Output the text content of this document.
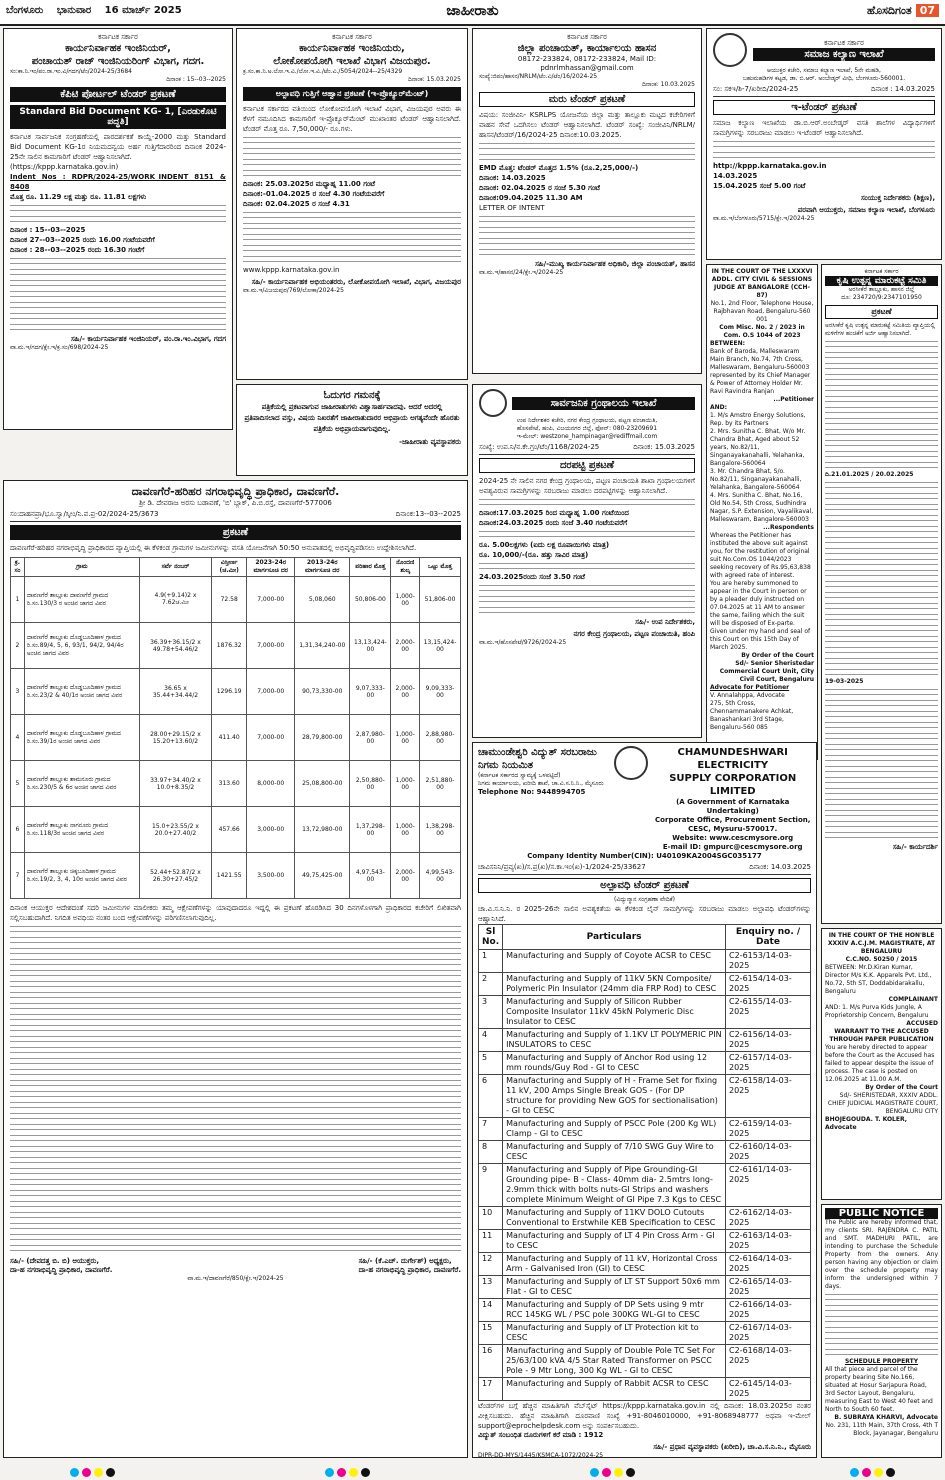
ಬೆಂಗಳೂರು ಭಾನುವಾರ 16 ಮಾರ್ಚ್ 2025	ಜಾಹೀರಾತು	ಹೊಸದಿಗಂತ 07
ಕರ್ನಾಟಕ ಸರ್ಕಾರ
ಕಾರ್ಯನಿರ್ವಾಹಕ ಇಂಜಿನಿಯರ್,
ಪಂಚಾಯತ್ ರಾಜ್ ಇಂಜಿನಿಯರಿಂಗ್ ವಿಭಾಗ, ಗದಗ.
ಸಂ:ಕಾ.ನಿ.ಇಂ/ಪಂ.ರಾ.ಇಂ.ವಿ/ಗದಗ/ಟೆಂ/2024-25/3684
ದಿನಾಂಕ : 15--03--2025
ಕೆಪಿಟಿ ಪೋರ್ಟಲ್ ಟೆಂಡರ್ ಪ್ರಕಟಣೆ
Standard Bid Document KG- 1, [ಎರಡುಕೊಟಿ ಪದ್ಧತಿ]
ಕರ್ನಾಟಕ ಸಾರ್ವಜನಿಕ ಸಂಗ್ರಹಣೆಯಲ್ಲಿ ಪಾರದರ್ಶಕತೆ ಕಾಯ್ದೆ-2000 ಮತ್ತು Standard Bid Document KG-1ರ ನಿಯಮದನ್ವಯ ಅರ್ಹ ಗುತ್ತಿಗೆದಾರರಿಂದ ದಿನಾಂಕ 2024-25ನೇ ಸಾಲಿನ ಕಾಮಗಾರಿಗೆ ಟೆಂಡರ್ ಆಹ್ವಾನಿಸಲಾಗಿದೆ.
(https://kppp.karnataka.gov.in)
Indent Nos : RDPR/2024-25/WORK_INDENT 8151 & 8408
ಮೊತ್ತ ರೂ. 11.29 ಲಕ್ಷ ಮತ್ತು ರೂ. 11.81 ಲಕ್ಷಗಳು
ದಿನಾಂಕ : 15--03--2025
ದಿನಾಂಕ 27--03--2025 ರಂದು 16.00 ಗಂಟೆಯವರೆಗೆ
ದಿನಾಂಕ : 28--03--2025 ರಂದು 16.30 ಗಂಟೆಗೆ
ಸಹಿ/- ಕಾರ್ಯನಿರ್ವಾಹಕ ಇಂಜಿನಿಯರ್, ಪಂ.ರಾ.ಇಂ.ವಿಭಾಗ, ಗದಗ
ವಾ.ಮ.ಇ/ಗದಗ/ಕ್ಲೇ.ಇ/ಕ್ರ.ಸಂ/698/2024-25
ಕರ್ನಾಟಕ ಸರ್ಕಾರ
ಕಾರ್ಯನಿರ್ವಾಹಕ ಇಂಜಿನಿಯರು,
ಲೋಕೋಪಯೋಗಿ ಇಲಾಖೆ ವಿಭಾಗ ವಿಜಯಪುರ.
ಕ್ರ.ಸಂ.ಕಾ.ನಿ.ಅ.ಲೋ.ಇ.ವಿ./ಲೋ.ಇ.ವಿ./ಟೆಂ.ವಿ./5054/2024--25/4329
ದಿನಾಂಕ: 15.03.2025
ಅಲ್ಪಾವಧಿ ಗುತ್ತಿಗೆ ಆಹ್ವಾನ ಪ್ರಕಟಣೆ (ಇ-ಪ್ರೊಕ್ಯೂರ್‌ಮೆಂಟ್)
ಕರ್ನಾಟಕ ಸರ್ಕಾರದ ವತಿಯಿಂದ ಲೋಕೋಪಯೋಗಿ ಇಲಾಖೆ ವಿಭಾಗ, ವಿಜಯಪುರ ಅವರು ಈ ಕೆಳಗೆ ನಮೂದಿಸಿದ ಕಾಮಗಾರಿಗೆ ಇ-ಪ್ರೊಕ್ಯೂರ್‌ಮೆಂಟ್ ಮುಖಾಂತರ ಟೆಂಡರ್ ಆಹ್ವಾನಿಸಲಾಗಿದೆ. ಟೆಂಡರ್ ಮೊತ್ತ ರೂ. 7,50,000/- ರೂ.ಗಳು.
ದಿನಾಂಕ: 25.03.2025ರ ಮಧ್ಯಾಹ್ನ 11.00 ಗಂಟೆ
ದಿನಾಂಕ:-01.04.2025 ರ ಸಂಜೆ 4.30 ಗಂಟೆಯವರೆಗೆ
ದಿನಾಂಕ: 02.04.2025 ರ ಸಂಜೆ 4.31
www.kppp.karnataka.gov.in
ಸಹಿ/- ಕಾರ್ಯನಿರ್ವಾಹಕ ಅಭಿಯಂತರರು, ಲೋಕೋಪಯೋಗಿ ಇಲಾಖೆ, ವಿಭಾಗ, ವಿಜಯಪುರ
ವಾ.ಮ.ಇ/ವಿಜಯಪುರ/769/ಲೋಕಾ/2024-25
ಓದುಗರ ಗಮನಕ್ಕೆ
ಪತ್ರಿಕೆಯಲ್ಲಿ ಪ್ರಕಟವಾಗುವ ಜಾಹೀರಾತುಗಳು ವಿಶ್ವಾಸಾರ್ಹವಾದವು. ಆದರೆ ಅದರಲ್ಲಿ ಪ್ರತಿಪಾದಿಸಲಾದ ವಸ್ತು, ವಿಷಯ ನಿಖರತೆಗೆ ಜಾಹೀರಾತುದಾರರ ಅಭಿಪ್ರಾಯ ಅಗತ್ಯವೆಂದೇ ಹೊರತು ಪತ್ರಿಕೆಯ ಅಭಿಪ್ರಾಯವಾಗುವುದಿಲ್ಲ.
-ಜಾಹೀರಾತು ವ್ಯವಸ್ಥಾಪಕರು
ಕರ್ನಾಟಕ ಸರ್ಕಾರ
ಜಿಲ್ಲಾ ಪಂಚಾಯತ್, ಕಾರ್ಯಾಲಯ ಹಾಸನ
08172-233824, 08172-233824, Mail ID:
pdnrlmhassan@gmail.com
ಸಂಖ್ಯೆ:ಜಿಪಂ/ಹಾಸನ/NRLM/ಟೆಂ.ವಿ/ಟೆಂ/16/2024-25
ದಿನಾಂಕ: 10.03.2025
ಮರು ಟೆಂಡರ್ ಪ್ರಕಟಣೆ
ವಿಷಯ: ಸಂಜೀವಿನಿ- KSRLPS ಯೋಜನೆಯ ಜಿಲ್ಲಾ ಮತ್ತು ತಾಲ್ಲೂಕು ಮಟ್ಟದ ಕಚೇರಿಗಳಿಗೆ ವಾಹನ ಸೇವೆ ಒದಗಿಸಲು ಟೆಂಡರ್ ಆಹ್ವಾನಿಸಲಾಗಿದೆ. ಟೆಂಡರ್ ಸಂಖ್ಯೆ: ಸಂಜೀವಿನಿ/NRLM/ಹಾಸನ/ಟೆಂಡರ್/16/2024-25 ದಿನಾಂಕ:10.03.2025.
EMD ಮೊತ್ತ: ಟೆಂಡರ್ ಮೊತ್ತದ 1.5% (ರೂ.2,25,000/-)
ದಿನಾಂಕ: 14.03.2025
ದಿನಾಂಕ: 02.04.2025 ರ ಸಂಜೆ 5.30 ಗಂಟೆ
ದಿನಾಂಕ:09.04.2025 11.30 AM
LETTER OF INTENT
ಸಹಿ/-ಮುಖ್ಯ ಕಾರ್ಯನಿರ್ವಾಹಕ ಅಧಿಕಾರಿ, ಜಿಲ್ಲಾ ಪಂಚಾಯತ್, ಹಾಸನ
ವಾ.ಮ.ಇ/ಹಾಸನ/24/ಕ್ಲೇ.ಇ/2024-25
ಕರ್ನಾಟಕ ಸರ್ಕಾರ
ಸಮಾಜ ಕಲ್ಯಾಣ ಇಲಾಖೆ
ಆಯುಕ್ತರ ಕಚೇರಿ, ಸಮಾಜ ಕಲ್ಯಾಣ ಇಲಾಖೆ, 5ನೇ ಮಹಡಿ,
ಬಹುಮಹಡಿಗಳ ಕಟ್ಟಡ, ಡಾ. ಬಿ.ಆರ್. ಅಂಬೇಡ್ಕರ್ ವೀಧಿ, ಬೆಂಗಳೂರು-560001.
ಸಂ: ಸಕಇ/ಶಿ-7/ಖರೀದಿ/2024-25	ದಿನಾಂಕ : 14.03.2025
ಇ-ಟೆಂಡರ್ ಪ್ರಕಟಣೆ
ಸಮಾಜ ಕಲ್ಯಾಣ ಇಲಾಖೆಯ ಡಾ.ಬಿ.ಆರ್.ಅಂಬೇಡ್ಕರ್ ವಸತಿ ಶಾಲೆಗಳ ವಿದ್ಯಾರ್ಥಿಗಳಿಗೆ ಸಾಮಗ್ರಿಗಳನ್ನು ಸರಬರಾಜು ಮಾಡಲು ಇ-ಟೆಂಡರ್ ಆಹ್ವಾನಿಸಲಾಗಿದೆ.
http://kppp.karnataka.gov.in
14.03.2025
15.04.2025 ಸಂಜೆ 5.00 ಗಂಟೆ
ಸಂಯುಕ್ತ ನಿರ್ದೇಶಕರು (ಶಿಕ್ಷಣ),
ಪರವಾಗಿ ಆಯುಕ್ತರು, ಸಮಾಜ ಕಲ್ಯಾಣ ಇಲಾಖೆ, ಬೆಂಗಳೂರು
ವಾ.ಮ.ಇ/ಬೆಂಗಳೂರು/5715/ಕ್ಲೇ.ಇ/2024-25
IN THE COURT OF THE LXXXVI ADDL. CITY CIVIL & SESSIONS JUDGE AT BANGALORE (CCH-87)
No.1, 2nd Floor, Telephone House, Rajbhavan Road, Bengaluru-560 001
Com Misc. No. 2 / 2023 in Com. O.S 1044 of 2023
BETWEEN:
Bank of Baroda, Malleswaram Main Branch, No.74, 7th Cross, Malleswaram, Bengaluru-560003 represented by its Chief Manager & Power of Attorney Holder Mr. Ravi Ravindra Ranjan
...Petitioner
AND:
1. M/s Amstro Energy Solutions, Rep. by its Partners
2. Mrs. Sunitha C. Bhat, W/o Mr. Chandra Bhat, Aged about 52 years, No.82/11, Singanayakanahalli, Yelahanka, Bangalore-560064
3. Mr. Chandra Bhat, S/o. No.82/11, Singanayakanahalli, Yelahanka, Bangalore-560064
4. Mrs. Sunitha C. Bhat, No.16, Old No.54, 5th Cross, Sudhindra Nagar, S.P. Extension, Vayalikaval, Malleswaram, Bangalore-560003
...Respondents
Whereas the Petitioner has instituted the above suit against you, for the restitution of original suit No.Com.OS 1044/2023 seeking recovery of Rs.95,63,838 with agreed rate of interest.
You are hereby summoned to appear in the Court in person or by a pleader duly instructed on 07.04.2025 at 11 AM to answer the same, failing which the suit will be disposed of Ex-parte.
Given under my hand and seal of this Court on this 15th Day of March 2025.
By Order of the Court
Sd/- Senior Sheristedar Commercial Court Unit, City Civil Court, Bengaluru
Advocate for Petitioner
V. Annalahppa, Advocate
275, 5th Cross, Chennammanakere Achkat, Banashankari 3rd Stage, Bengaluru-560 085
ಕರ್ನಾಟಕ ಸರ್ಕಾರ
ಕೃಷಿ ಉತ್ಪನ್ನ ಮಾರುಕಟ್ಟೆ ಸಮಿತಿ
ಅರಸೀಕೆರೆ ತಾಲ್ಲೂಕು, ಹಾಸನ ಜಿಲ್ಲೆ
ದೂ: 234720/9:2347101950
ಪ್ರಕಟಣೆ
ಅರಸೀಕೆರೆ ಕೃಷಿ ಉತ್ಪನ್ನ ಮಾರುಕಟ್ಟೆ ಸಮಿತಿಯ ವ್ಯಾಪ್ತಿಯಲ್ಲಿ ಮಳಿಗೆಗಳ ಹಂಚಿಕೆಗೆ ಅರ್ಜಿ ಆಹ್ವಾನಿಸಲಾಗಿದೆ.
ದಿ.21.01.2025 / 20.02.2025
19-03-2025
ಸಹಿ/- ಕಾರ್ಯದರ್ಶಿ
ಸಾರ್ವಜನಿಕ ಗ್ರಂಥಾಲಯ ಇಲಾಖೆ
ಉಪ ನಿರ್ದೇಶಕರ ಕಚೇರಿ, ನಗರ ಕೇಂದ್ರ ಗ್ರಂಥಾಲಯ, ಪಟ್ಟಣ ಪಂಚಾಯಿತಿ,
ಹೊಸಪೇಟೆ, ಹಂಪಿ, ವಿಜಯನಗರ ಜಿಲ್ಲೆ, ಫೋನ್: 080-23209691
ಇ-ಮೇಲ್: westzone_hampinagar@rediffmail.com
ಸಂಖ್ಯೆ: ಉಪ.ನಿ/ನ.ಕೇ.ಗ್ರಂ/ಟೆಂ/1168/2024-25	ದಿನಾಂಕ: 15.03.2025
ದರಪಟ್ಟಿ ಪ್ರಕಟಣೆ
2024-25 ನೇ ಸಾಲಿನ ನಗರ ಕೇಂದ್ರ ಗ್ರಂಥಾಲಯ, ಪಟ್ಟಣ ಪಂಚಾಯತಿ ಶಾಖಾ ಗ್ರಂಥಾಲಯಗಳಿಗೆ ಅವಶ್ಯವಿರುವ ಸಾಮಗ್ರಿಗಳನ್ನು ಸರಬರಾಜು ಮಾಡಲು ದರಪಟ್ಟಿಗಳನ್ನು ಆಹ್ವಾನಿಸಲಾಗಿದೆ.
ದಿನಾಂಕ:17.03.2025 ರಿಂದ ಮಧ್ಯಾಹ್ನ 1.00 ಗಂಟೆಯಿಂದ
ದಿನಾಂಕ:24.03.2025 ರಂದು ಸಂಜೆ 3.40 ಗಂಟೆಯವರೆಗೆ
ರೂ. 5.00ಲಕ್ಷಗಳು (ಐದು ಲಕ್ಷ ರೂಪಾಯಿಗಳು ಮಾತ್ರ)
ರೂ. 10,000/-(ರೂ. ಹತ್ತು ಸಾವಿರ ಮಾತ್ರ)
24.03.2025ರಂದು ಸಂಜೆ 3.50 ಗಂಟೆ
ಸಹಿ/- ಉಪ ನಿರ್ದೇಶಕರು,
ನಗರ ಕೇಂದ್ರ ಗ್ರಂಥಾಲಯ, ಪಟ್ಟಣ ಪಂಚಾಯಿತಿ, ಹಂಪಿ
ವಾ.ಮ.ಇ/ಹೊಸಪೇಟೆ/9726/2024-25
ದಾವಣಗೆರೆ-ಹರಿಹರ ನಗರಾಭಿವೃದ್ಧಿ ಪ್ರಾಧಿಕಾರ, ದಾವಣಗೆರೆ.
ಶ್ರೀ ಡಿ. ದೇವರಾಜ ಅರಸು ಬಡಾವಣೆ, 'ಬಿ' ಬ್ಲಾಕ್, ಪಿ.ಬಿ.ರಸ್ತೆ, ದಾವಣಗೆರೆ-577006
ಸಂ:ದಾಹನಪ್ರಾ/ಭೂ.ಸ್ವಾ/ಸ್ಕೀಂ/ನಿ.ವ.ಪ್ರ-02/2024-25/3673	ದಿನಾಂಕ:13--03--2025
ಪ್ರಕಟಣೆ
ದಾವಣಗೆರೆ-ಹರಿಹರ ನಗರಾಭಿವೃದ್ಧಿ ಪ್ರಾಧಿಕಾರದ ವ್ಯಾಪ್ತಿಯಲ್ಲಿ ಈ ಕೆಳಕಂಡ ಗ್ರಾಮಗಳ ಜಮೀನುಗಳನ್ನು ವಸತಿ ಯೋಜನೆಗಾಗಿ 50:50 ಅನುಪಾತದಲ್ಲಿ ಅಭಿವೃದ್ಧಿಪಡಿಸಲು ಉದ್ದೇಶಿಸಲಾಗಿದೆ.
ಕ್ರ. ಸಂ	ಗ್ರಾಮ	ಸರ್ವೆ ನಂಬರ್	ವಿಸ್ತೀರ್ಣ (ಚ.ಮೀ)	2023-24ರ ಮಾರ್ಗಸೂಚಿ ದರ	2013-24ರ ಮಾರ್ಗಸೂಚಿ ದರ	ಪರಿಹಾರ ಮೊತ್ತ	ನೊಂದಣಿ ಶುಲ್ಕ	ಒಟ್ಟು ಮೊತ್ತ
1	ದಾವಣಗೆರೆ ತಾಲ್ಲೂಕು ದಾವಣಗೆರೆ ಗ್ರಾಮದ ರಿ.ಸಂ.130/3 ರ ಅಂಚಿನ ಜಾಗದ ವಿವರ	4.9(+9.14)2 x 7.62ಚ.ಮೀ	72.58	7,000-00	5,08,060	50,806-00	1,000-00	51,806-00
2	ದಾವಣಗೆರೆ ತಾಲ್ಲೂಕು ದೊಡ್ಡಬೂದಿಹಾಳ ಗ್ರಾಮದ ರಿ.ಸಂ.89/4, 5, 6, 93/1, 94/2, 94/4ರ ಅಂಚಿನ ಜಾಗದ ವಿವರ	36.39+36.15/2 x 49.78+54.46/2	1876.32	7,000-00	1,31,34,240-00	13,13,424-00	2,000-00	13,15,424-00
3	ದಾವಣಗೆರೆ ತಾಲ್ಲೂಕು ದೊಡ್ಡಬೂದಿಹಾಳ ಗ್ರಾಮದ ರಿ.ಸಂ.23/2 & 40/1ರ ಅಂಚಿನ ಜಾಗದ ವಿವರ	36.65 x 35.44+34.44/2	1296.19	7,000-00	90,73,330-00	9,07,333-00	2,000-00	9,09,333-00
4	ದಾವಣಗೆರೆ ತಾಲ್ಲೂಕು ದೊಡ್ಡಬೂದಿಹಾಳ ಗ್ರಾಮದ ರಿ.ಸಂ.39/1ರ ಅಂಚಿನ ಜಾಗದ ವಿವರ	28.00+29.15/2 x 15.20+13.60/2	411.40	7,000-00	28,79,800-00	2,87,980-00	1,000-00	2,88,980-00
5	ದಾವಣಗೆರೆ ತಾಲ್ಲೂಕು ಶಾಮನೂರು ಗ್ರಾಮದ ರಿ.ಸಂ.230/5 & 6ರ ಅಂಚಿನ ಜಾಗದ ವಿವರ	33.97+34.40/2 x 10.0+8.35/2	313.60	8,000-00	25,08,800-00	2,50,880-00	1,000-00	2,51,880-00
6	ದಾವಣಗೆರೆ ತಾಲ್ಲೂಕು ನಾಗನೂರು ಗ್ರಾಮದ ರಿ.ಸಂ.118/3ರ ಅಂಚಿನ ಜಾಗದ ವಿವರ	15.0+23.55/2 x 20.0+27.40/2	457.66	3,000-00	13,72,980-00	1,37,298-00	1,000-00	1,38,298-00
7	ದಾವಣಗೆರೆ ತಾಲ್ಲೂಕು ಚಿಕ್ಕಬೂದಿಹಾಳ ಗ್ರಾಮದ ರಿ.ಸಂ.19/2, 3, 4, 10ರ ಅಂಚಿನ ಜಾಗದ ವಿವರ	52.44+52.87/2 x 26.30+27.45/2	1421.55	3,500-00	49,75,425-00	4,97,543-00	2,000-00	4,99,543-00
ದಿನಾಂಕ ಆಯುಕ್ತರ ಆದೇಶದಂತೆ ಸದರಿ ಜಮೀನುಗಳ ಮಾಲೀಕರು ತಮ್ಮ ಆಕ್ಷೇಪಣೆಗಳನ್ನು ಯಾವುದಾದರೂ ಇದ್ದಲ್ಲಿ ಈ ಪ್ರಕಟಣೆ ಹೊರಡಿಸಿದ 30 ದಿನಗಳೊಳಗಾಗಿ ಪ್ರಾಧಿಕಾರದ ಕಚೇರಿಗೆ ಲಿಖಿತವಾಗಿ ಸಲ್ಲಿಸಬಹುದಾಗಿದೆ. ನಿಗದಿತ ಅವಧಿಯ ನಂತರ ಬಂದ ಆಕ್ಷೇಪಣೆಗಳನ್ನು ಪರಿಗಣಿಸಲಾಗುವುದಿಲ್ಲ.
ಸಹಿ/- (ದೇವದತ್ತ ಬಿ. ಬಿ) ಆಯುಕ್ತರು,
ದಾ-ಹ ನಗರಾಭಿವೃದ್ಧಿ ಪ್ರಾಧಿಕಾರ, ದಾವಣಗೆರೆ.
ಸಹಿ/- (ಕೆ.ಎಚ್. ದುರ್ಗೇಶ್) ಅಧ್ಯಕ್ಷರು,
ದಾ-ಹ ನಗರಾಭಿವೃದ್ಧಿ ಪ್ರಾಧಿಕಾರ, ದಾವಣಗೆರೆ.
ವಾ.ಮ.ಇ/ದಾವಣಗೆರೆ/850/ಕ್ಲೇ.ಇ/2024-25
ಚಾಮುಂಡೇಶ್ವರಿ ವಿದ್ಯುತ್ ಸರಬರಾಜು
ನಿಗಮ ನಿಯಮಿತ
(ಕರ್ನಾಟಕ ಸರ್ಕಾರದ ಸ್ವಾಮ್ಯಕ್ಕೆ ಒಳಪಟ್ಟಿದೆ)
ನಿಗಮ ಕಾರ್ಯಾಲಯ, ಖರೀದಿ ಶಾಖೆ, ಚಾ.ವಿ.ಸ.ನಿ.ನಿ., ಮೈಸೂರು
Telephone No: 9448994705
CHAMUNDESHWARI ELECTRICITY
SUPPLY CORPORATION LIMITED
(A Government of Karnataka Undertaking)
Corporate Office, Procurement Section,
CESC, Mysuru-570017.
Website: www.cescmysore.org
E-mail ID: gmpurc@cescmysore.org
Company Identity Number(CIN): U40109KA2004SGC035177
ಚಾವಿಸನಿನಿ/ಪ್ರವ್ಯ(ಖ)/ಸ.ಪ್ರ(ಖ)/ಸ.ಕಾ.ಇಂ(ಖ)-1/2024-25/33627	ದಿನಾಂಕ: 14.03.2025
ಅಲ್ಪಾವಧಿ ಟೆಂಡರ್ ಪ್ರಕಟಣೆ
(ವಿದ್ಯುನ್ಮಾನ ಸಂಗ್ರಹಣಾ ವೇದಿಕೆ)
ಚಾ.ವಿ.ಸ.ನಿ.ನಿ. ರ 2025-26ನೇ ಸಾಲಿನ ಅವಶ್ಯಕತೆಯ ಈ ಕೆಳಕಂಡ ಲೈನ್ ಸಾಮಗ್ರಿಗಳನ್ನು ಸರಬರಾಜು ಮಾಡಲು ಅಲ್ಪಾವಧಿ ಟೆಂಡರ್‌ಗಳನ್ನು ಆಹ್ವಾನಿಸಿದೆ.
Sl No.	Particulars	Enquiry no. / Date
1	Manufacturing and Supply of Coyote ACSR to CESC	C2-6153/14-03-2025
2	Manufacturing and Supply of 11kV 5KN Composite/ Polymeric Pin Insulator (24mm dia FRP Rod) to CESC	C2-6154/14-03-2025
3	Manufacturing and Supply of Silicon Rubber Composite Insulator 11kV 45kN Polymeric Disc Insulator to CESC	C2-6155/14-03-2025
4	Manufacturing and Supply of 1.1KV LT POLYMERIC PIN INSULATORS to CESC	C2-6156/14-03-2025
5	Manufacturing and Supply of Anchor Rod using 12 mm rounds/Guy Rod - GI to CESC	C2-6157/14-03-2025
6	Manufacturing and Supply of H - Frame Set for fixing 11 kV, 200 Amps Single Break GOS - (For DP structure for providing New GOS for sectionalisation) - GI to CESC	C2-6158/14-03-2025
7	Manufacturing and Supply of PSCC Pole (200 Kg WL) Clamp - GI to CESC	C2-6159/14-03-2025
8	Manufacturing and Supply of 7/10 SWG Guy Wire to CESC	C2-6160/14-03-2025
9	Manufacturing and Supply of Pipe Grounding-GI Grounding pipe- B - Class- 40mm dia- 2.5mtrs long- 2.9mm thick with bolts nuts-GI Strips and washers complete Minimum Weight of GI Pipe 7.3 Kgs to CESC	C2-6161/14-03-2025
10	Manufacturing and Supply of 11KV DOLO Cutouts Conventional to Erstwhile KEB Specification to CESC	C2-6162/14-03-2025
11	Manufacturing and Supply of LT 4 Pin Cross Arm - GI to CESC	C2-6163/14-03-2025
12	Manufacturing and Supply of 11 kV, Horizontal Cross Arm - Galvanised Iron (GI) to CESC	C2-6164/14-03-2025
13	Manufacturing and Supply of LT ST Support 50x6 mm Flat - GI to CESC	C2-6165/14-03-2025
14	Manufacturing and Supply of DP Sets using 9 mtr RCC 145KG WL / PSC pole 300KG WL-GI to CESC	C2-6166/14-03-2025
15	Manufacturing and Supply of LT Protection kit to CESC	C2-6167/14-03-2025
16	Manufacturing and Supply of Double Pole TC Set For 25/63/100 kVA 4/5 Star Rated Transformer on PSCC Pole - 9 Mtr Long, 300 Kg WL - GI to CESC	C2-6168/14-03-2025
17	Manufacturing and Supply of Rabbit ACSR to CESC	C2-6145/14-03-2025
ಟೆಂಡರ್‌ಗಳ ಬಗ್ಗೆ ಹೆಚ್ಚಿನ ಮಾಹಿತಿಗಾಗಿ ವೆಬ್‌ಸೈಟ್ https://kppp.karnataka.gov.in ನಲ್ಲಿ ದಿನಾಂಕ: 18.03.2025ರ ನಂತರ ವೀಕ್ಷಿಸಬಹುದು. ಹೆಚ್ಚಿನ ಮಾಹಿತಿಗಾಗಿ ದೂರವಾಣಿ ಸಂಖ್ಯೆ +91-8046010000, +91-8068948777 ಅಥವಾ ಇ-ಮೇಲ್ support@eprochelpdesk.com ಅನ್ನು ಸಂಪರ್ಕಿಸಬಹುದು.
ವಿದ್ಯುತ್ ಸಂಬಂಧಿತ ದೂರುಗಳಿಗೆ ಕರೆ ಮಾಡಿ : 1912
ಸಹಿ/- ಪ್ರಧಾನ ವ್ಯವಸ್ಥಾಪಕರು (ಖರೀದಿ), ಚಾ.ವಿ.ಸ.ನಿ.ನಿ., ಮೈಸೂರು
DIPR-DD-MYS/1445/KSMCA-1072/2024-25
IN THE COURT OF THE HON'BLE XXXIV A.C.J.M. MAGISTRATE, AT BENGALURU
C.C.NO. 50250 / 2015
BETWEEN: Mr.D.Kiran Kumar, Director M/s K.K. Apparels Pvt. Ltd., No.72, 5th ST, Doddabidarakallu, Bengaluru
COMPLAINANT
AND: 1. M/s Purva Kids Jungle, A Proprietorship Concern, Bengaluru
ACCUSED
WARRANT TO THE ACCUSED THROUGH PAPER PUBLICATION
You are hereby directed to appear before the Court as the Accused has failed to appear despite the issue of process. The case is posted on 12.06.2025 at 11.00 A.M.
By Order of the Court
Sd/- SHERISTEDAR, XXXIV ADDL. CHIEF JUDICIAL MAGISTRATE COURT, BENGALURU CITY
BHOJEGOUDA. T. KOLER, Advocate
PUBLIC NOTICE
The Public are hereby informed that, my clients SRI. RAJENDRA C. PATIL and SMT. MADHURI PATIL, are intending to purchase the Schedule Property from the owners. Any person having any objection or claim over the schedule property may inform the undersigned within 7 days.
SCHEDULE PROPERTY
All that piece and parcel of the property bearing Site No.166, situated at Hosur Sarjapura Road, 3rd Sector Layout, Bengaluru, measuring East to West 40 feet and North to South 60 feet.
B. SUBRAYA KHARVI, Advocate
No. 231, 11th Main, 37th Cross, 4th T Block, Jayanagar, Bengaluru
